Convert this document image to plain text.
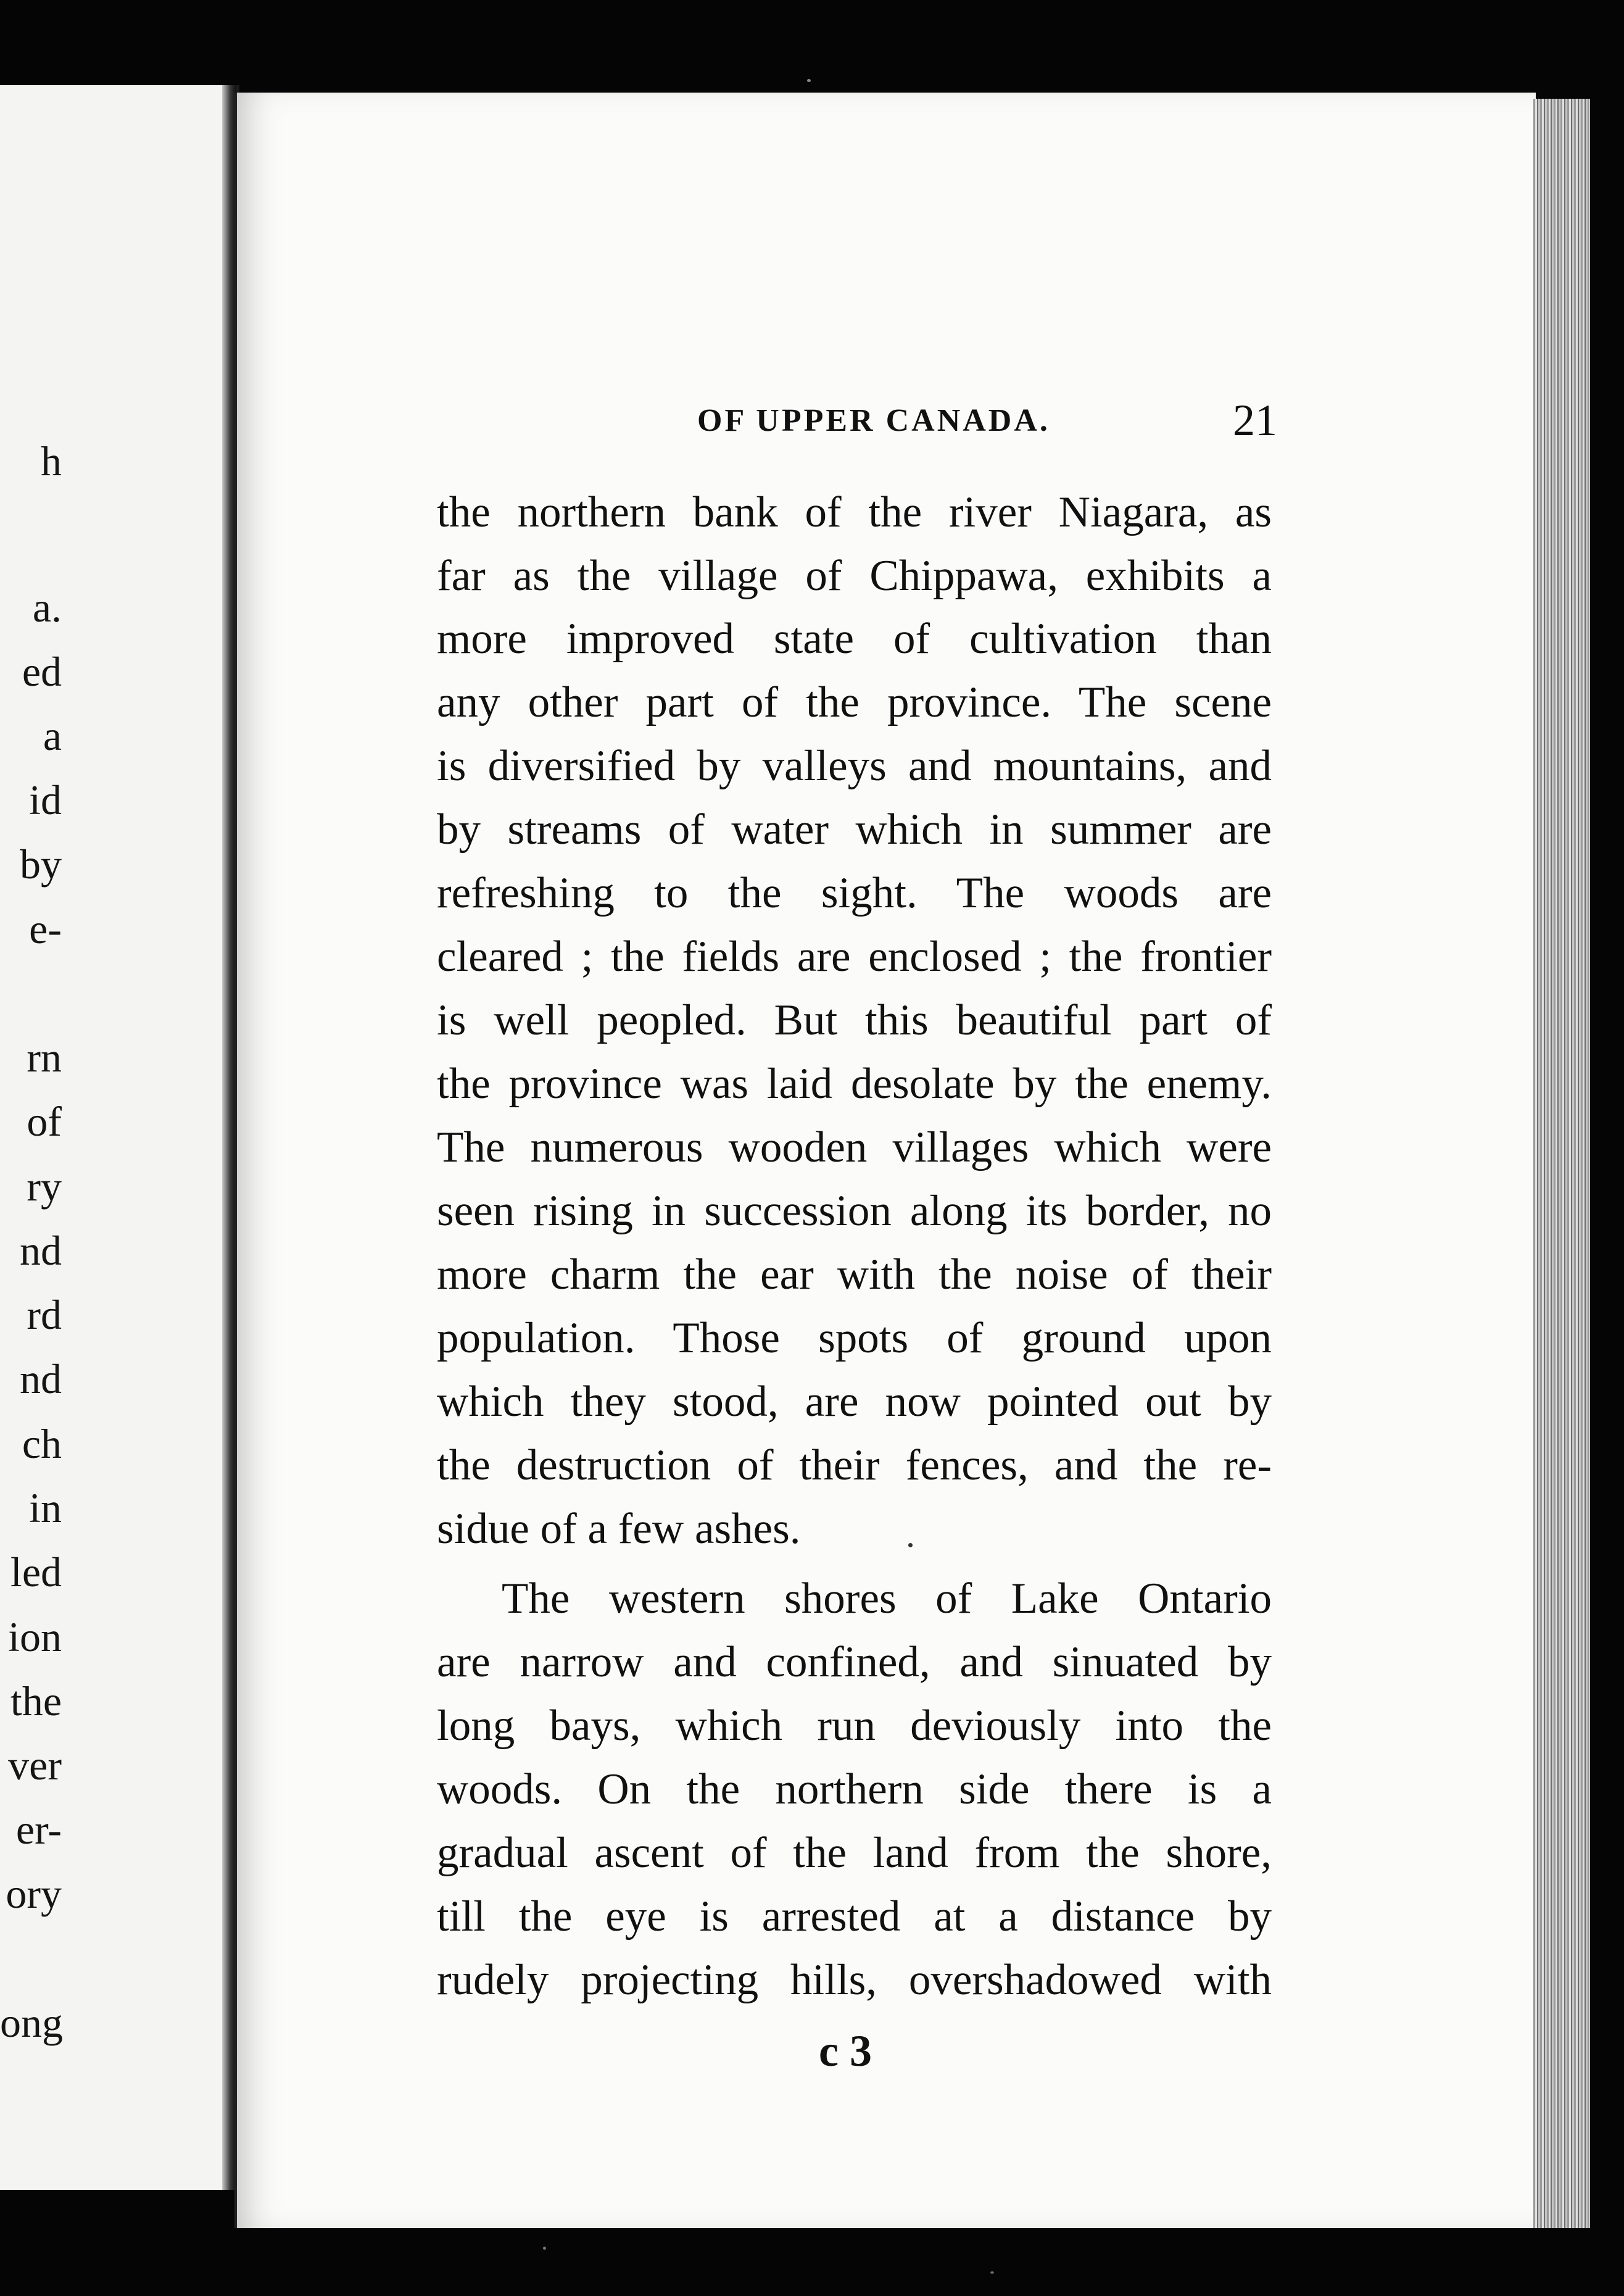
h
a.
ed
a
id
by
e-
rn
of
ry
nd
rd
nd
ch
in
led
ion
the
ver
er-
ory
ong
OF UPPER CANADA.	21
the northern bank of the river Niagara, as
far as the village of Chippawa, exhibits a
more improved state of cultivation than
any other part of the province. The scene
is diversified by valleys and mountains, and
by streams of water which in summer are
refreshing to the sight. The woods are
cleared ; the fields are enclosed ; the frontier
is well peopled. But this beautiful part of
the province was laid desolate by the enemy.
The numerous wooden villages which were
seen rising in succession along its border, no
more charm the ear with the noise of their
population. Those spots of ground upon
which they stood, are now pointed out by
the destruction of their fences, and the re-
sidue of a few ashes.
The western shores of Lake Ontario
are narrow and confined, and sinuated by
long bays, which run deviously into the
woods. On the northern side there is a
gradual ascent of the land from the shore,
till the eye is arrested at a distance by
rudely projecting hills, overshadowed with
c 3
